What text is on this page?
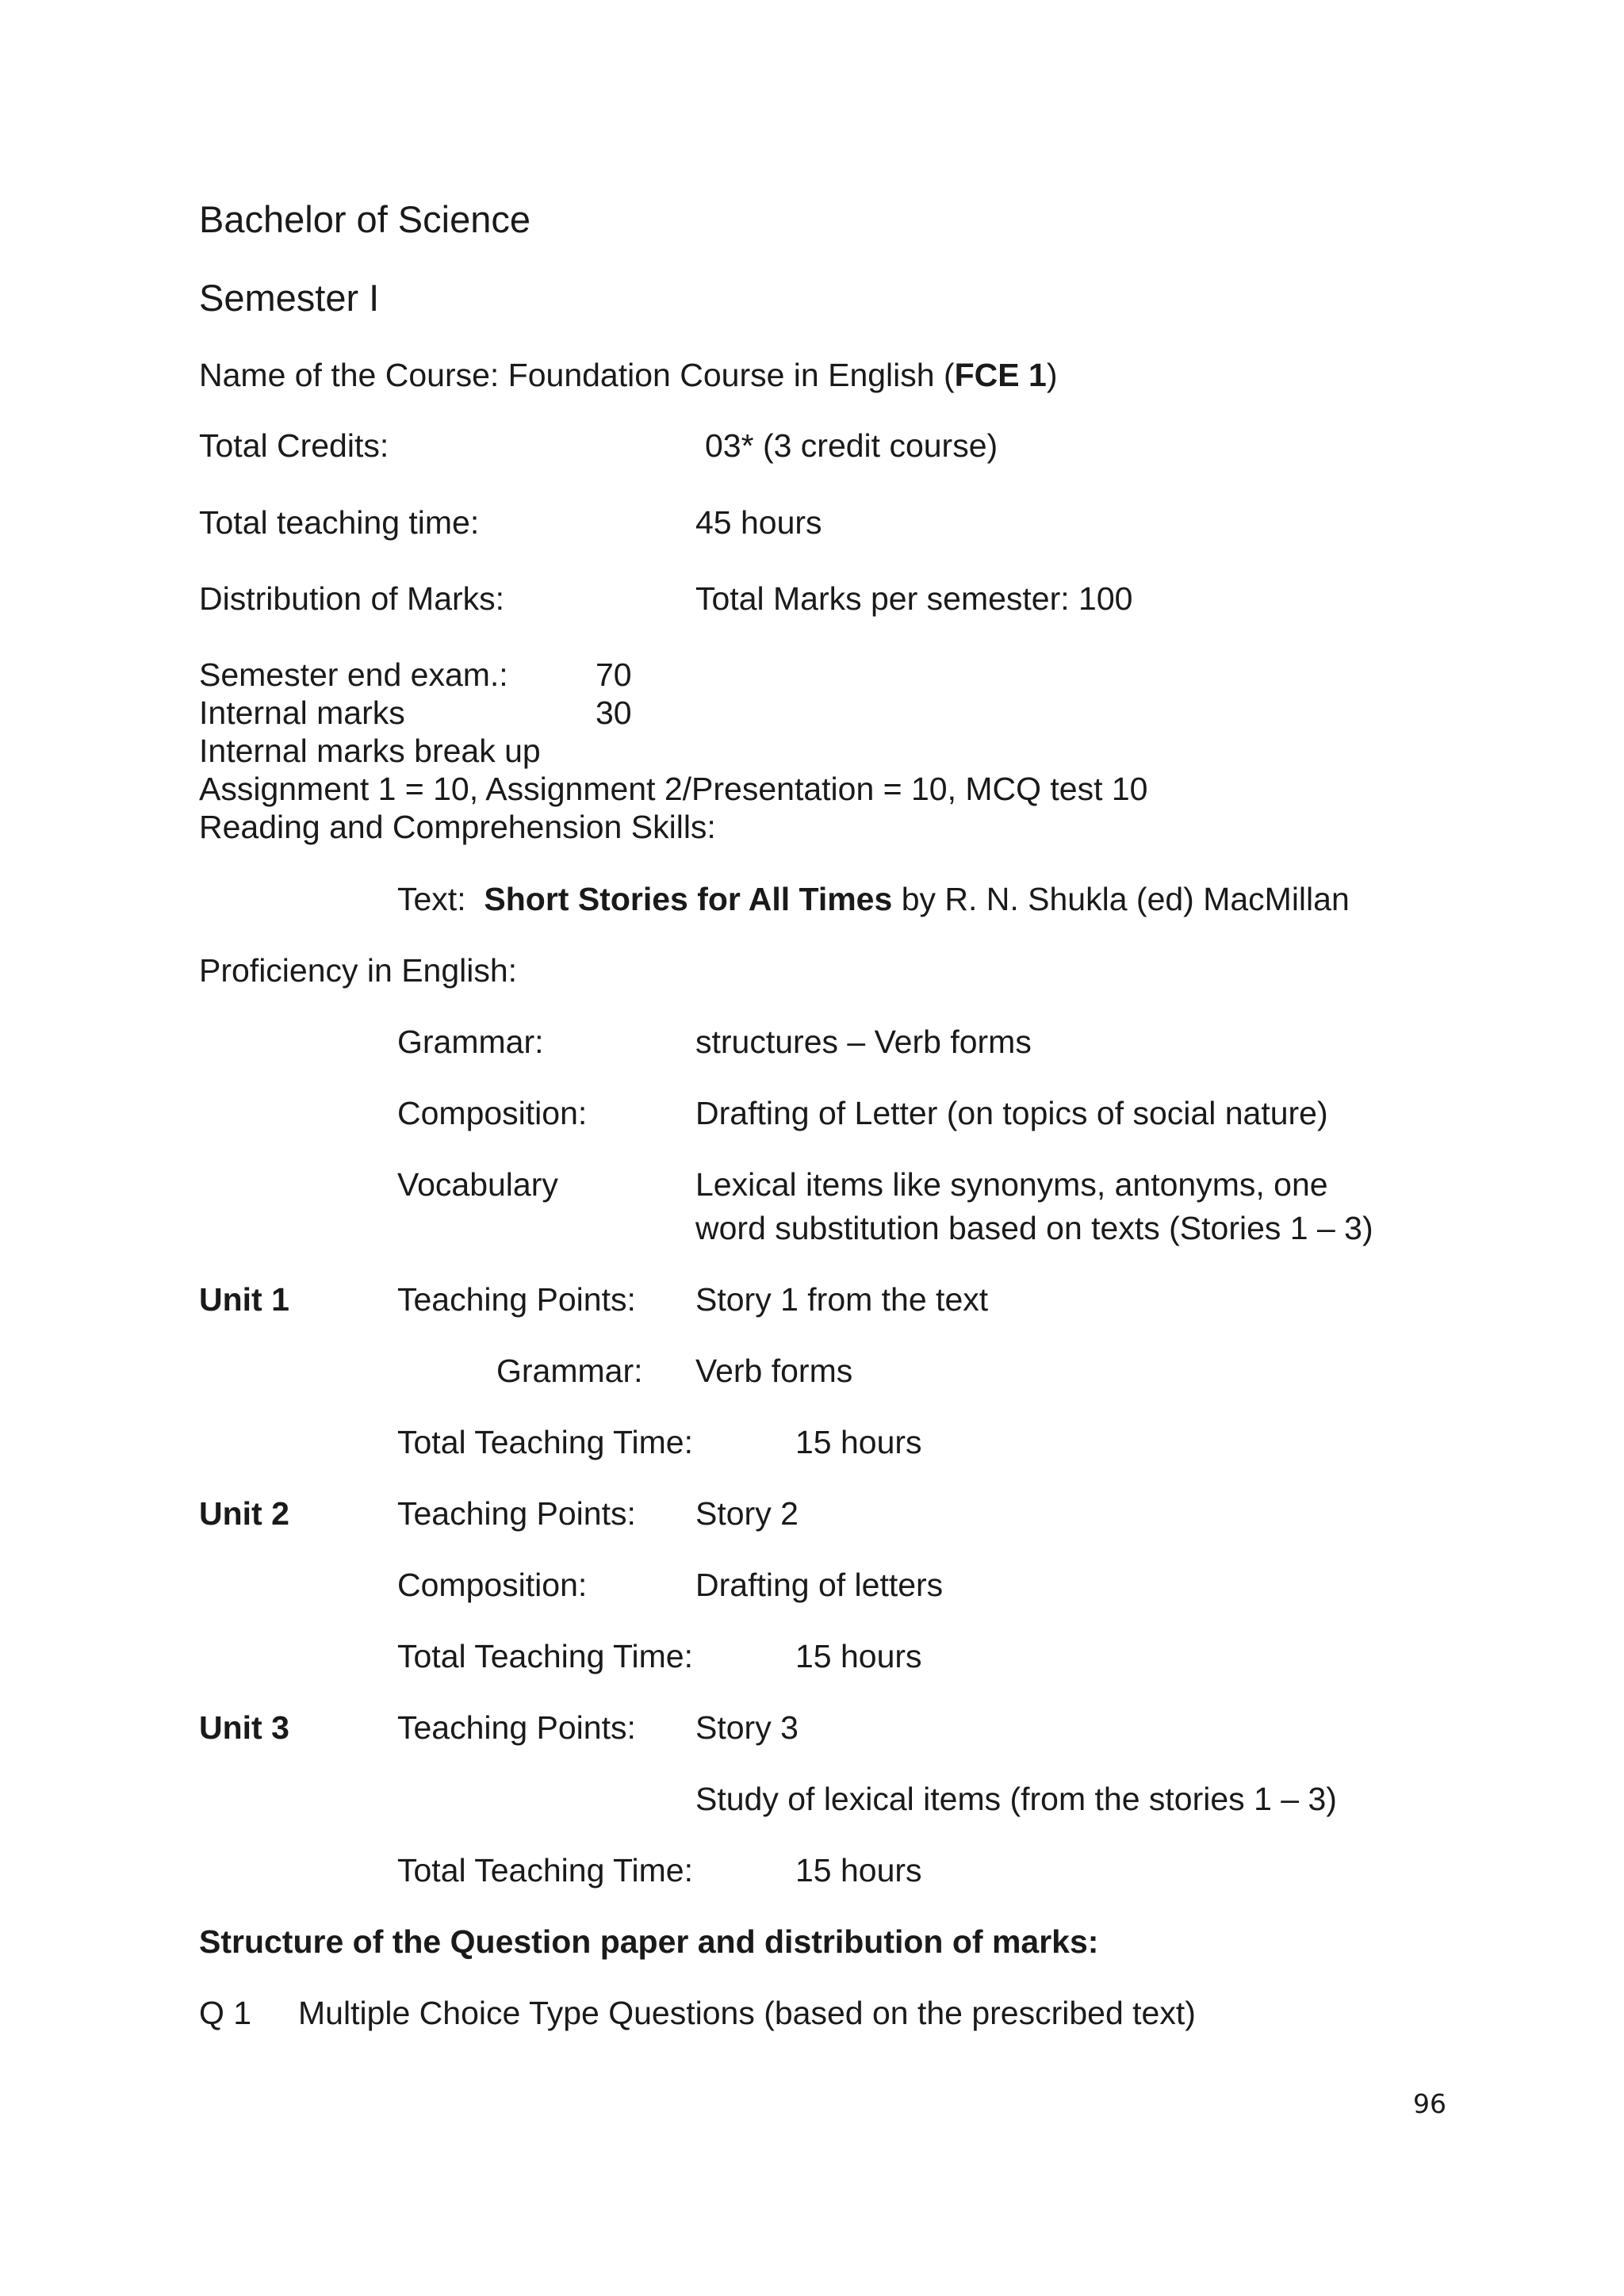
Bachelor of Science
Semester I
Name of the Course: Foundation Course in English (FCE 1)
Total Credits:	03* (3 credit course)
Total teaching time:	45 hours
Distribution of Marks:	Total Marks per semester: 100
Semester end exam.:	70
Internal marks	30
Internal marks break up
Assignment 1 = 10, Assignment 2/Presentation = 10, MCQ test 10
Reading and Comprehension Skills:
Text: Short Stories for All Times by R. N. Shukla (ed) MacMillan
Proficiency in English:
Grammar:	structures – Verb forms
Composition:	Drafting of Letter (on topics of social nature)
Vocabulary	Lexical items like synonyms, antonyms, one
word substitution based on texts (Stories 1 – 3)
Unit 1	Teaching Points: Story 1 from the text
Grammar: Verb forms
Total Teaching Time:	15 hours
Unit 2	Teaching Points: Story 2
Composition:	Drafting of letters
Total Teaching Time:	15 hours
Unit 3	Teaching Points: Story 3
Study of lexical items (from the stories 1 – 3)
Total Teaching Time:	15 hours
Structure of the Question paper and distribution of marks:
Q 1 Multiple Choice Type Questions (based on the prescribed text)
96
